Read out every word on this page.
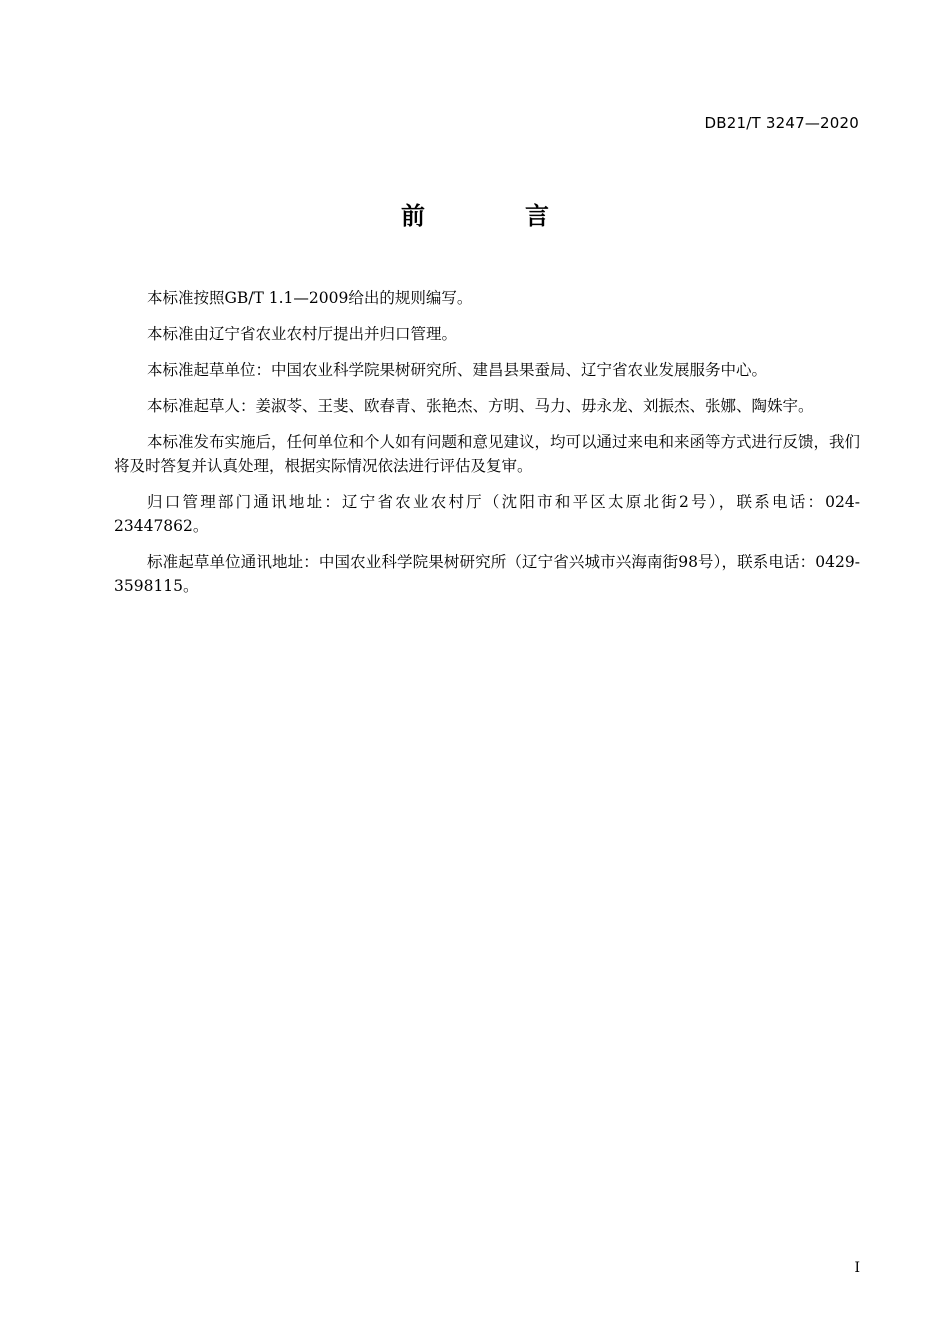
DB21/T 3247—2020
前　言

本标准按照GB/T 1.1—2009给出的规则编写。

本标准由辽宁省农业农村厅提出并归口管理。

本标准起草单位：中国农业科学院果树研究所、建昌县果蚕局、辽宁省农业发展服务中心。

本标准起草人：姜淑苓、王斐、欧春青、张艳杰、方明、马力、毋永龙、刘振杰、张娜、陶姝宇。

本标准发布实施后，任何单位和个人如有问题和意见建议，均可以通过来电和来函等方式进行反馈，我们将及时答复并认真处理，根据实际情况依法进行评估及复审。

归口管理部门通讯地址：辽宁省农业农村厅（沈阳市和平区太原北街2号），联系电话：024-23447862。

标准起草单位通讯地址：中国农业科学院果树研究所（辽宁省兴城市兴海南街98号），联系电话：0429-3598115。

I
